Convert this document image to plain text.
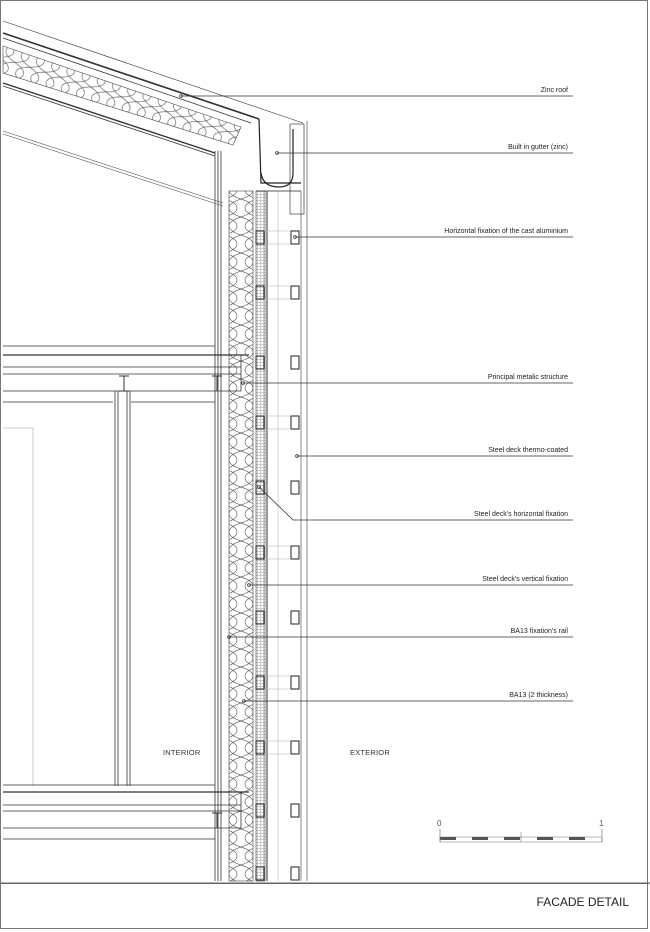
Zinc roof
Built in gutter (zinc)
Horizontal fixation of the cast aluminium
Principal metalic structure
Steel deck thermo-coated
Steel deck's horizontal fixation
Steel deck's vertical fixation
BA13 fixation's rail
BA13 (2 thickness)
INTERIOR	EXTERIOR
0	1
FACADE DETAIL
